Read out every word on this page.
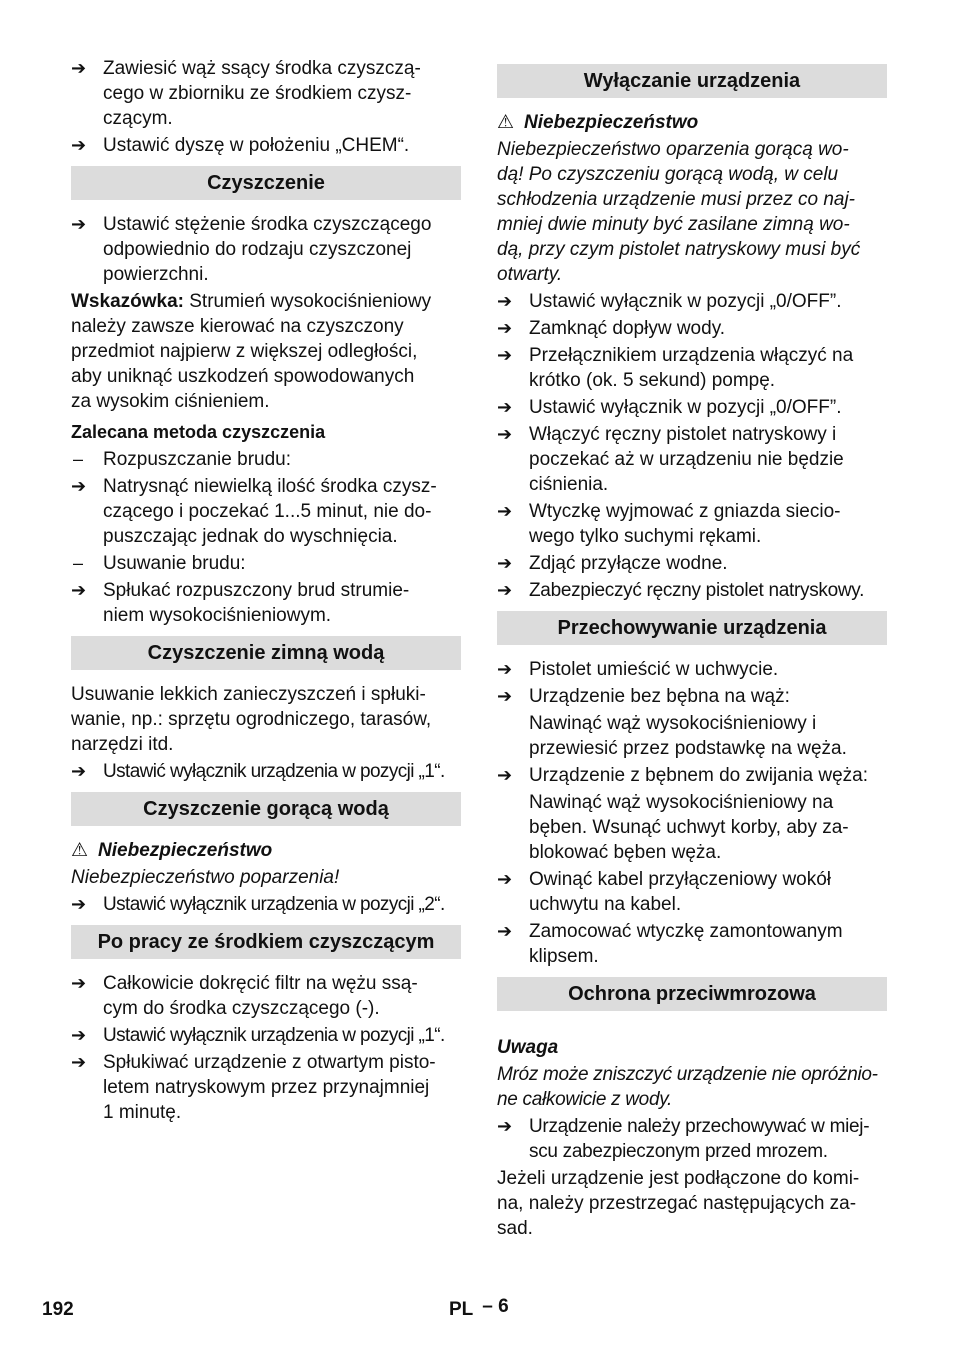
➔ Zawiesić wąż ssący środka czyszczą-
cego w zbiorniku ze środkiem czysz-
czącym.
➔ Ustawić dyszę w położeniu „CHEM“.
Czyszczenie
➔ Ustawić stężenie środka czyszczącego
odpowiednio do rodzaju czyszczonej
powierzchni.
Wskazówka: Strumień wysokociśnieniowy
należy zawsze kierować na czyszczony
przedmiot najpierw z większej odległości,
aby uniknąć uszkodzeń spowodowanych
za wysokim ciśnieniem.
Zalecana metoda czyszczenia
–	Rozpuszczanie brudu:
➔ Natrysnąć niewielką ilość środka czysz-
czącego i poczekać 1...5 minut, nie do-
puszczając jednak do wyschnięcia.
–	Usuwanie brudu:
➔ Spłukać rozpuszczony brud strumie-
niem wysokociśnieniowym.
Czyszczenie zimną wodą
Usuwanie lekkich zanieczyszczeń i spłuki-
wanie, np.: sprzętu ogrodniczego, tarasów,
narzędzi itd.
➔ Ustawić wyłącznik urządzenia w pozycji „1“.
Czyszczenie gorącą wodą
⚠ Niebezpieczeństwo
Niebezpieczeństwo poparzenia!
➔ Ustawić wyłącznik urządzenia w pozycji „2“.
Po pracy ze środkiem czyszczącym
➔ Całkowicie dokręcić filtr na wężu ssą-
cym do środka czyszczącego (-).
➔ Ustawić wyłącznik urządzenia w pozycji „1“.
➔ Spłukiwać urządzenie z otwartym pisto-
letem natryskowym przez przynajmniej
1 minutę.
Wyłączanie urządzenia
⚠ Niebezpieczeństwo
Niebezpieczeństwo oparzenia gorącą wo-
dą! Po czyszczeniu gorącą wodą, w celu
schłodzenia urządzenie musi przez co naj-
mniej dwie minuty być zasilane zimną wo-
dą, przy czym pistolet natryskowy musi być
otwarty.
➔ Ustawić wyłącznik w pozycji „0/OFF”.
➔ Zamknąć dopływ wody.
➔ Przełącznikiem urządzenia włączyć na
krótko (ok. 5 sekund) pompę.
➔ Ustawić wyłącznik w pozycji „0/OFF”.
➔ Włączyć ręczny pistolet natryskowy i
poczekać aż w urządzeniu nie będzie
ciśnienia.
➔ Wtyczkę wyjmować z gniazda siecio-
wego tylko suchymi rękami.
➔ Zdjąć przyłącze wodne.
➔ Zabezpieczyć ręczny pistolet natryskowy.
Przechowywanie urządzenia
➔ Pistolet umieścić w uchwycie.
➔ Urządzenie bez bębna na wąż:
Nawinąć wąż wysokociśnieniowy i
przewiesić przez podstawkę na węża.
➔ Urządzenie z bębnem do zwijania węża:
Nawinąć wąż wysokociśnieniowy na
bęben. Wsunąć uchwyt korby, aby za-
blokować bęben węża.
➔ Owinąć kabel przyłączeniowy wokół
uchwytu na kabel.
➔ Zamocować wtyczkę zamontowanym
klipsem.
Ochrona przeciwmrozowa
Uwaga
Mróz może zniszczyć urządzenie nie opróżnio-
ne całkowicie z wody.
➔ Urządzenie należy przechowywać w miej-
scu zabezpieczonym przed mrozem.
Jeżeli urządzenie jest podłączone do komi-
na, należy przestrzegać następujących za-
sad.
192	PL – 6
